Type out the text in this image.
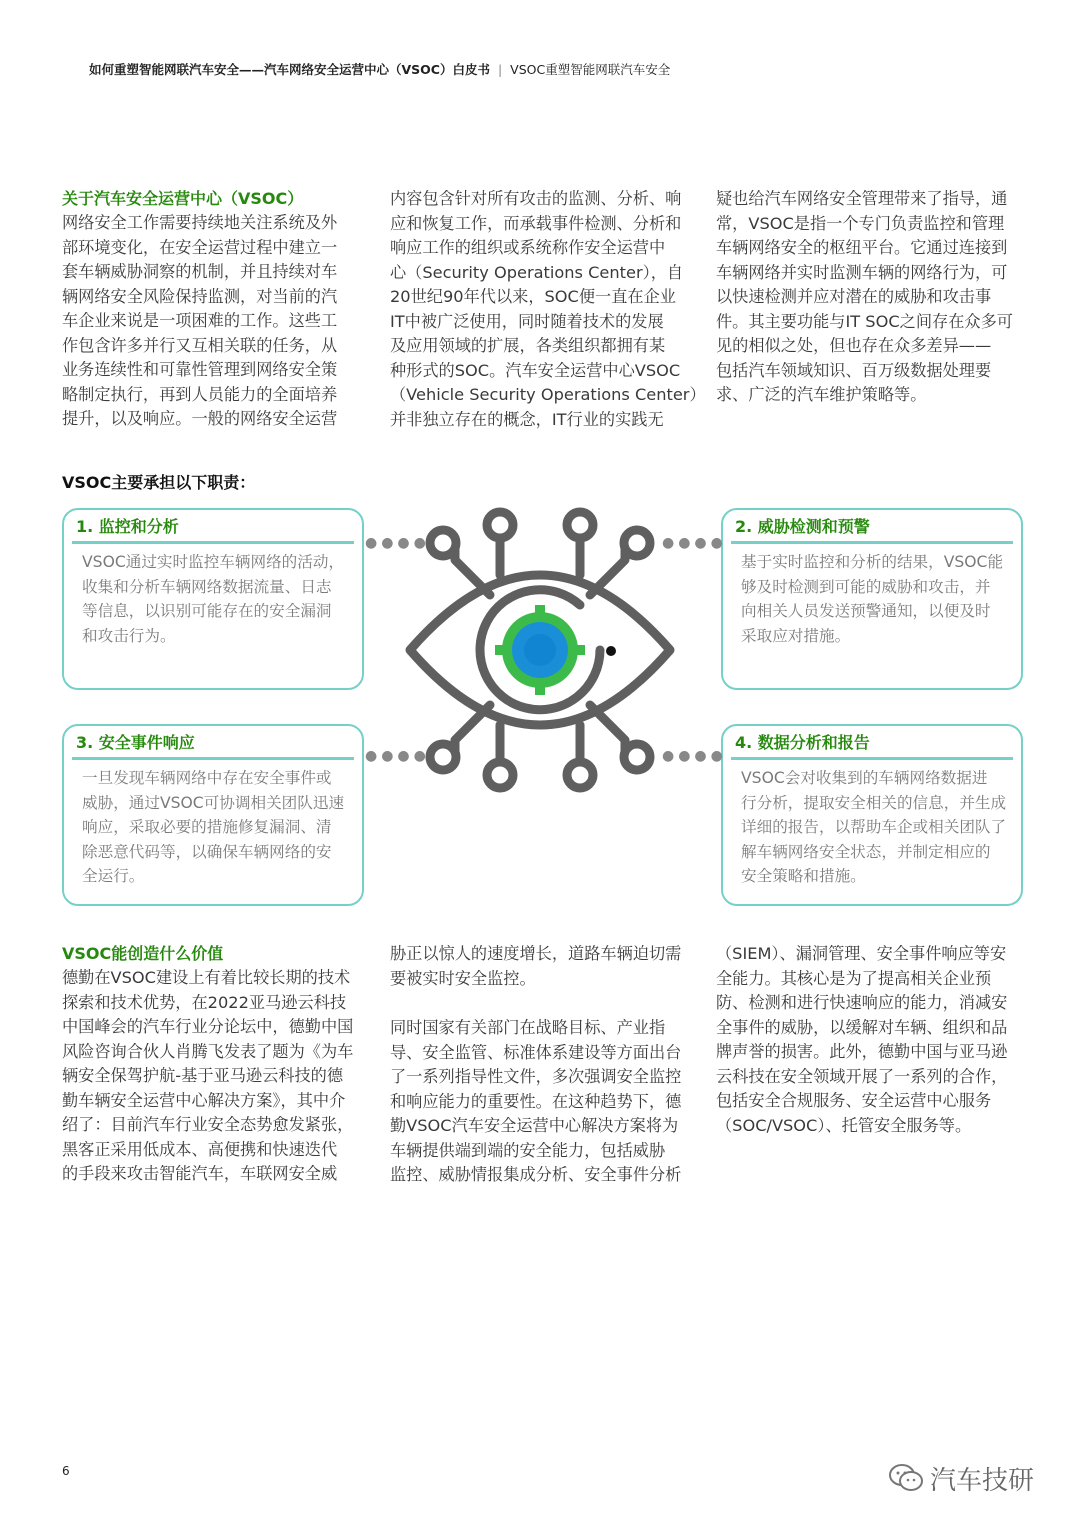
如何重塑智能网联汽车安全——汽车网络安全运营中心（VSOC）白皮书 | VSOC重塑智能网联汽车安全
关于汽车安全运营中心（VSOC）
网络安全工作需要持续地关注系统及外
部环境变化，在安全运营过程中建立一
套车辆威胁洞察的机制，并且持续对车
辆网络安全风险保持监测，对当前的汽
车企业来说是一项困难的工作。这些工
作包含许多并行又互相关联的任务，从
业务连续性和可靠性管理到网络安全策
略制定执行，再到人员能力的全面培养
提升，以及响应。一般的网络安全运营
内容包含针对所有攻击的监测、分析、响
应和恢复工作，而承载事件检测、分析和
响应工作的组织或系统称作安全运营中
心（Security Operations Center），自
20世纪90年代以来，SOC便一直在企业
IT中被广泛使用，同时随着技术的发展
及应用领域的扩展，各类组织都拥有某
种形式的SOC。汽车安全运营中心VSOC
（Vehicle Security Operations Center）
并非独立存在的概念，IT行业的实践无
疑也给汽车网络安全管理带来了指导，通
常，VSOC是指一个专门负责监控和管理
车辆网络安全的枢纽平台。它通过连接到
车辆网络并实时监测车辆的网络行为，可
以快速检测并应对潜在的威胁和攻击事
件。其主要功能与IT SOC之间存在众多可
见的相似之处，但也存在众多差异——
包括汽车领域知识、百万级数据处理要
求、广泛的汽车维护策略等。
VSOC主要承担以下职责：
1. 监控和分析
VSOC通过实时监控车辆网络的活动，
收集和分析车辆网络数据流量、日志
等信息，以识别可能存在的安全漏洞
和攻击行为。
2. 威胁检测和预警
基于实时监控和分析的结果，VSOC能
够及时检测到可能的威胁和攻击，并
向相关人员发送预警通知，以便及时
采取应对措施。
3. 安全事件响应
一旦发现车辆网络中存在安全事件或
威胁，通过VSOC可协调相关团队迅速
响应，采取必要的措施修复漏洞、清
除恶意代码等，以确保车辆网络的安
全运行。
4. 数据分析和报告
VSOC会对收集到的车辆网络数据进
行分析，提取安全相关的信息，并生成
详细的报告，以帮助车企或相关团队了
解车辆网络安全状态，并制定相应的
安全策略和措施。
●●●●	●●●●
●●●●	●●●●
VSOC能创造什么价值
德勤在VSOC建设上有着比较长期的技术
探索和技术优势，在2022亚马逊云科技
中国峰会的汽车行业分论坛中，德勤中国
风险咨询合伙人肖腾飞发表了题为《为车
辆安全保驾护航-基于亚马逊云科技的德
勤车辆安全运营中心解决方案》，其中介
绍了：目前汽车行业安全态势愈发紧张，
黑客正采用低成本、高便携和快速迭代
的手段来攻击智能汽车，车联网安全威
胁正以惊人的速度增长，道路车辆迫切需
要被实时安全监控。
同时国家有关部门在战略目标、产业指
导、安全监管、标准体系建设等方面出台
了一系列指导性文件，多次强调安全监控
和响应能力的重要性。在这种趋势下，德
勤VSOC汽车安全运营中心解决方案将为
车辆提供端到端的安全能力，包括威胁
监控、威胁情报集成分析、安全事件分析
（SIEM）、漏洞管理、安全事件响应等安
全能力。其核心是为了提高相关企业预
防、检测和进行快速响应的能力，消减安
全事件的威胁，以缓解对车辆、组织和品
牌声誉的损害。此外，德勤中国与亚马逊
云科技在安全领域开展了一系列的合作，
包括安全合规服务、安全运营中心服务
（SOC/VSOC）、托管安全服务等。
6	汽车技研
